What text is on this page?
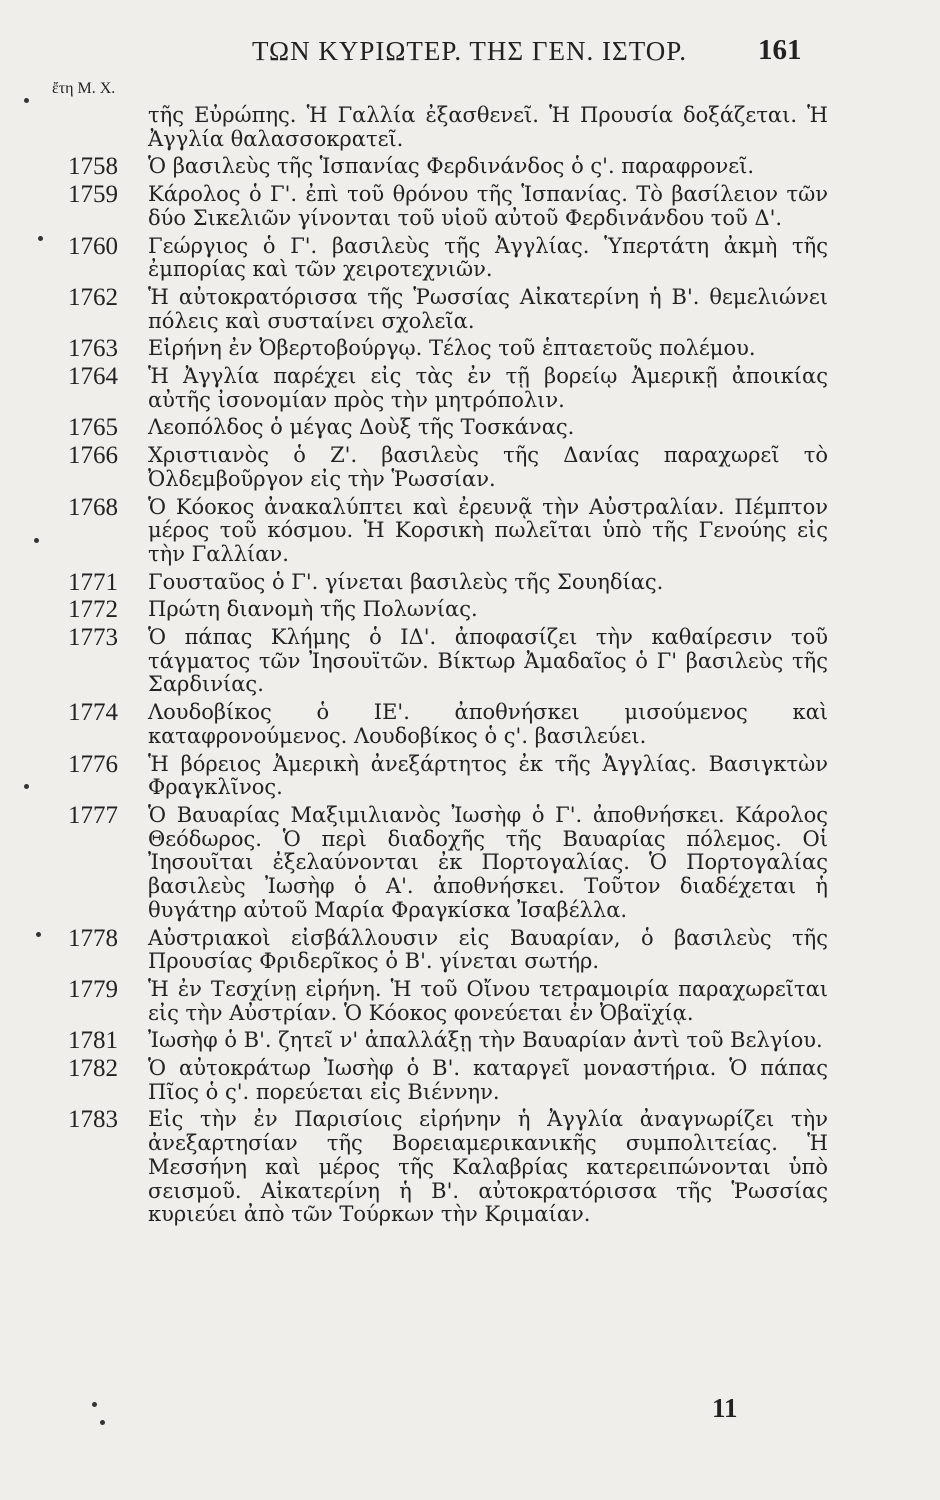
ΤΩΝ ΚΥΡΙΩΤΕΡ. ΤΗΣ ΓΕΝ. ΙΣΤΟΡ. 161
ἔτη Μ. Χ.
τῆς Εὐρώπης. Ἡ Γαλλία ἐξασθενεῖ. Ἡ Προυσία δοξάζεται. Ἡ Ἀγγλία θαλασσοκρατεῖ.
1758	Ὁ βασιλεὺς τῆς Ἱσπανίας Φερδινάνδος ὁ ς'. παραφρονεῖ.
1759	Κάρολος ὁ Γ'. ἐπὶ τοῦ θρόνου τῆς Ἱσπανίας. Τὸ βασίλειον τῶν δύο Σικελιῶν γίνονται τοῦ υἱοῦ αὐτοῦ Φερδινάνδου τοῦ Δ'.
1760	Γεώργιος ὁ Γ'. βασιλεὺς τῆς Ἀγγλίας. Ὑπερτάτη ἀκμὴ τῆς ἐμπορίας καὶ τῶν χειροτεχνιῶν.
1762	Ἡ αὐτοκρατόρισσα τῆς Ῥωσσίας Αἰκατερίνη ἡ Β'. θεμελιώνει πόλεις καὶ συσταίνει σχολεῖα.
1763	Εἰρήνη ἐν Ὀβερτοβούργῳ. Τέλος τοῦ ἑπταετοῦς πολέμου.
1764	Ἡ Ἀγγλία παρέχει εἰς τὰς ἐν τῇ βορείῳ Ἀμερικῇ ἀποικίας αὐτῆς ἰσονομίαν πρὸς τὴν μητρόπολιν.
1765	Λεοπόλδος ὁ μέγας Δοὺξ τῆς Τοσκάνας.
1766	Χριστιανὸς ὁ Ζ'. βασιλεὺς τῆς Δανίας παραχωρεῖ τὸ Ὀλδεμβοῦργον εἰς τὴν Ῥωσσίαν.
1768	Ὁ Κόοκος ἀνακαλύπτει καὶ ἐρευνᾷ τὴν Αὐστραλίαν. Πέμπτον μέρος τοῦ κόσμου. Ἡ Κορσικὴ πωλεῖται ὑπὸ τῆς Γενούης εἰς τὴν Γαλλίαν.
1771	Γουσταῦος ὁ Γ'. γίνεται βασιλεὺς τῆς Σουηδίας.
1772	Πρώτη διανομὴ τῆς Πολωνίας.
1773	Ὁ πάπας Κλήμης ὁ ΙΔ'. ἀποφασίζει τὴν καθαίρεσιν τοῦ τάγματος τῶν Ἰησουϊτῶν. Βίκτωρ Ἀμαδαῖος ὁ Γ' βασιλεὺς τῆς Σαρδινίας.
1774	Λουδοβίκος ὁ ΙΕ'. ἀποθνήσκει μισούμενος καὶ καταφρονούμενος. Λουδοβίκος ὁ ς'. βασιλεύει.
1776	Ἡ βόρειος Ἀμερικὴ ἀνεξάρτητος ἐκ τῆς Ἀγγλίας. Βασιγκτὼν Φραγκλῖνος.
1777	Ὁ Βαυαρίας Μαξιμιλιανὸς Ἰωσὴφ ὁ Γ'. ἀποθνήσκει. Κάρολος Θεόδωρος. Ὁ περὶ διαδοχῆς τῆς Βαυαρίας πόλεμος. Οἱ Ἰησουῖται ἐξελαύνονται ἐκ Πορτογαλίας. Ὁ Πορτογαλίας βασιλεὺς Ἰωσὴφ ὁ Α'. ἀποθνήσκει. Τοῦτον διαδέχεται ἡ θυγάτηρ αὐτοῦ Μαρία Φραγκίσκα Ἰσαβέλλα.
1778	Αὐστριακοὶ εἰσβάλλουσιν εἰς Βαυαρίαν, ὁ βασιλεὺς τῆς Προυσίας Φριδερῖκος ὁ Β'. γίνεται σωτήρ.
1779	Ἡ ἐν Τεσχίνῃ εἰρήνη. Ἡ τοῦ Οἴνου τετραμοιρία παραχωρεῖται εἰς τὴν Αὐστρίαν. Ὁ Κόοκος φονεύεται ἐν Ὀβαϊχίᾳ.
1781	Ἰωσὴφ ὁ Β'. ζητεῖ ν' ἀπαλλάξῃ τὴν Βαυαρίαν ἀντὶ τοῦ Βελγίου.
1782	Ὁ αὐτοκράτωρ Ἰωσὴφ ὁ Β'. καταργεῖ μοναστήρια. Ὁ πάπας Πῖος ὁ ς'. πορεύεται εἰς Βιέννην.
1783	Εἰς τὴν ἐν Παρισίοις εἰρήνην ἡ Ἀγγλία ἀναγνωρίζει τὴν ἀνεξαρτησίαν τῆς Βορειαμερικανικῆς συμπολιτείας. Ἡ Μεσσήνη καὶ μέρος τῆς Καλαβρίας κατερειπώνονται ὑπὸ σεισμοῦ. Αἰκατερίνη ἡ Β'. αὐτοκρατόρισσα τῆς Ῥωσσίας κυριεύει ἀπὸ τῶν Τούρκων τὴν Κριμαίαν.
11
